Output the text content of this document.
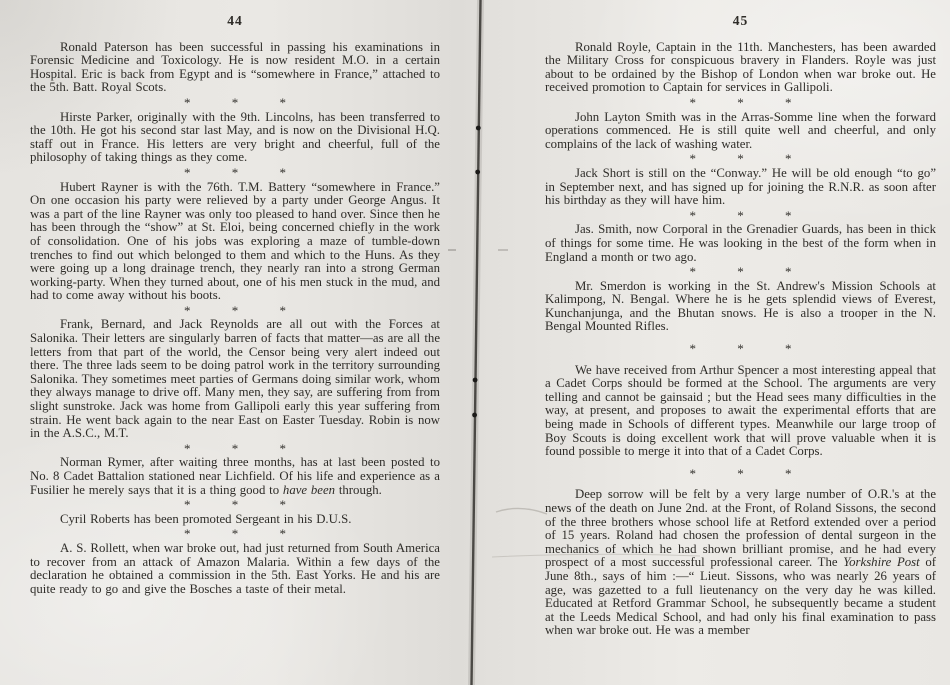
44

Ronald Paterson has been successful in passing his examinations in Forensic Medicine and Toxicology. He is now resident M.O. in a certain Hospital. Eric is back from Egypt and is “somewhere in France,” attached to the 5th. Batt. Royal Scots.

* * *

Hirste Parker, originally with the 9th. Lincolns, has been transferred to the 10th. He got his second star last May, and is now on the Divisional H.Q. staff out in France. His letters are very bright and cheerful, full of the philosophy of taking things as they come.

* * *

Hubert Rayner is with the 76th. T.M. Battery “somewhere in France.” On one occasion his party were relieved by a party under George Angus. It was a part of the line Rayner was only too pleased to hand over. Since then he has been through the “show” at St. Eloi, being concerned chiefly in the work of consolidation. One of his jobs was exploring a maze of tumble-down trenches to find out which belonged to them and which to the Huns. As they were going up a long drainage trench, they nearly ran into a strong German working-party. When they turned about, one of his men stuck in the mud, and had to come away without his boots.

* * *

Frank, Bernard, and Jack Reynolds are all out with the Forces at Salonika. Their letters are singularly barren of facts that matter—as are all the letters from that part of the world, the Censor being very alert indeed out there. The three lads seem to be doing patrol work in the territory surrounding Salonika. They sometimes meet parties of Germans doing similar work, whom they always manage to drive off. Many men, they say, are suffering from from slight sunstroke. Jack was home from Gallipoli early this year suffering from strain. He went back again to the near East on Easter Tuesday. Robin is now in the A.S.C., M.T.

* * *

Norman Rymer, after waiting three months, has at last been posted to No. 8 Cadet Battalion stationed near Lichfield. Of his life and experience as a Fusilier he merely says that it is a thing good to have been through.

* * *

Cyril Roberts has been promoted Sergeant in his D.U.S.

* * *

A. S. Rollett, when war broke out, had just returned from South America to recover from an attack of Amazon Malaria. Within a few days of the declaration he obtained a commission in the 5th. East Yorks. He and his are quite ready to go and give the Bosches a taste of their metal.

45

Ronald Royle, Captain in the 11th. Manchesters, has been awarded the Military Cross for conspicuous bravery in Flanders. Royle was just about to be ordained by the Bishop of London when war broke out. He received promotion to Captain for services in Gallipoli.

* * *

John Layton Smith was in the Arras-Somme line when the forward operations commenced. He is still quite well and cheerful, and only complains of the lack of washing water.

* * *

Jack Short is still on the “Conway.” He will be old enough “to go” in September next, and has signed up for joining the R.N.R. as soon after his birthday as they will have him.

* * *

Jas. Smith, now Corporal in the Grenadier Guards, has been in thick of things for some time. He was looking in the best of the form when in England a month or two ago.

* * *

Mr. Smerdon is working in the St. Andrew's Mission Schools at Kalimpong, N. Bengal. Where he is he gets splendid views of Everest, Kunchanjunga, and the Bhutan snows. He is also a trooper in the N. Bengal Mounted Rifles.

* * *

We have received from Arthur Spencer a most interesting appeal that a Cadet Corps should be formed at the School. The arguments are very telling and cannot be gainsaid ; but the Head sees many difficulties in the way, at present, and proposes to await the experimental efforts that are being made in Schools of different types. Meanwhile our large troop of Boy Scouts is doing excellent work that will prove valuable when it is found possible to merge it into that of a Cadet Corps.

* * *

Deep sorrow will be felt by a very large number of O.R.'s at the news of the death on June 2nd. at the Front, of Roland Sissons, the second of the three brothers whose school life at Retford extended over a period of 15 years. Roland had chosen the profession of dental surgeon in the mechanics of which he had shown brilliant promise, and he had every prospect of a most successful professional career. The Yorkshire Post of June 8th., says of him :—“ Lieut. Sissons, who was nearly 26 years of age, was gazetted to a full lieutenancy on the very day he was killed. Educated at Retford Grammar School, he subsequently became a student at the Leeds Medical School, and had only his final examination to pass when war broke out. He was a member
